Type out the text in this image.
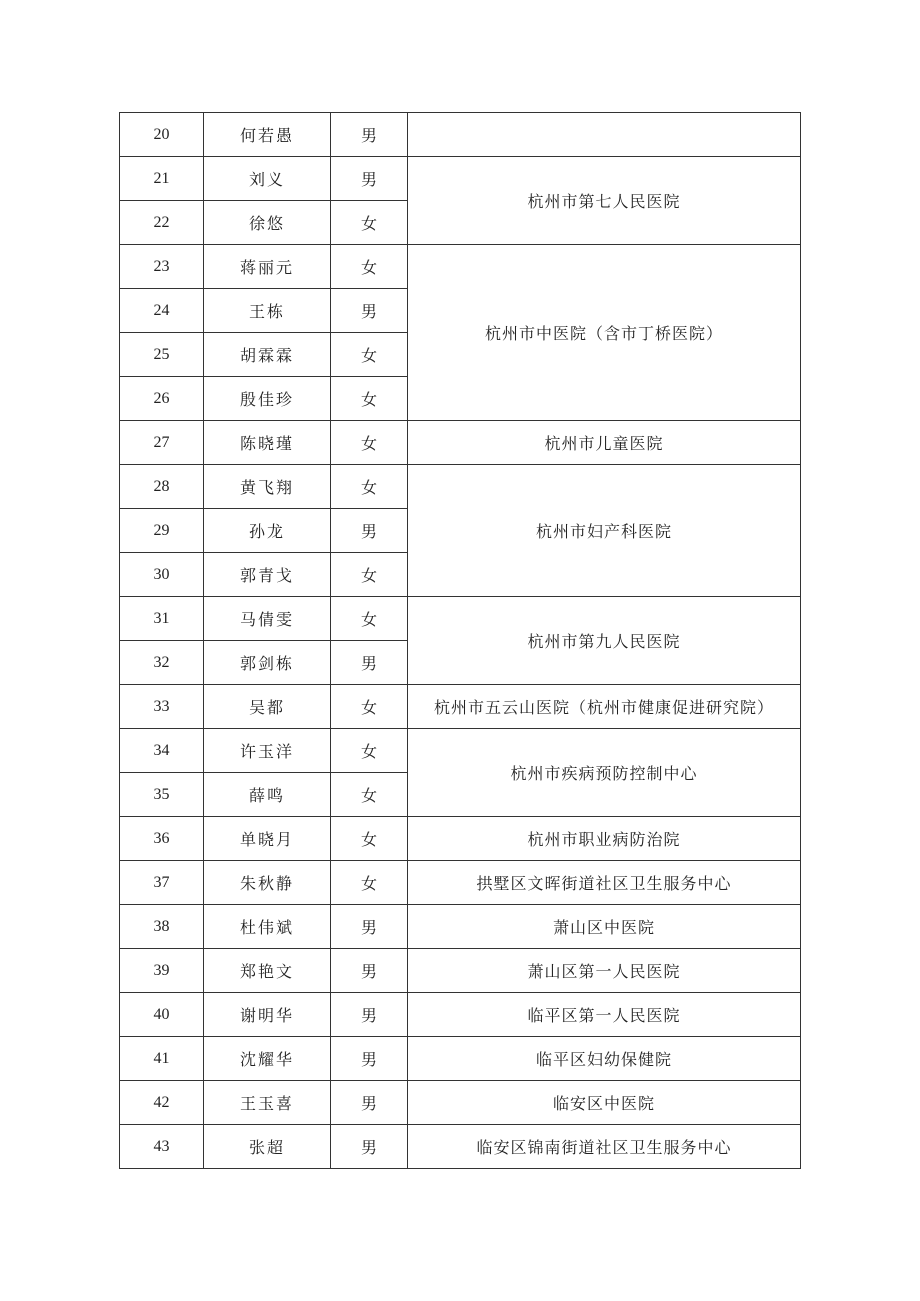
20	何若愚	男	
21	刘义	男	杭州市第七人民医院
22	徐悠	女	
23	蒋丽元	女	杭州市中医院（含市丁桥医院）
24	王栋	男	
25	胡霖霖	女	
26	殷佳珍	女	
27	陈晓瑾	女	杭州市儿童医院
28	黄飞翔	女	杭州市妇产科医院
29	孙龙	男	
30	郭青戈	女	
31	马倩雯	女	杭州市第九人民医院
32	郭剑栋	男	
33	吴都	女	杭州市五云山医院（杭州市健康促进研究院）
34	许玉洋	女	杭州市疾病预防控制中心
35	薛鸣	女	
36	单晓月	女	杭州市职业病防治院
37	朱秋静	女	拱墅区文晖街道社区卫生服务中心
38	杜伟斌	男	萧山区中医院
39	郑艳文	男	萧山区第一人民医院
40	谢明华	男	临平区第一人民医院
41	沈耀华	男	临平区妇幼保健院
42	王玉喜	男	临安区中医院
43	张超	男	临安区锦南街道社区卫生服务中心
